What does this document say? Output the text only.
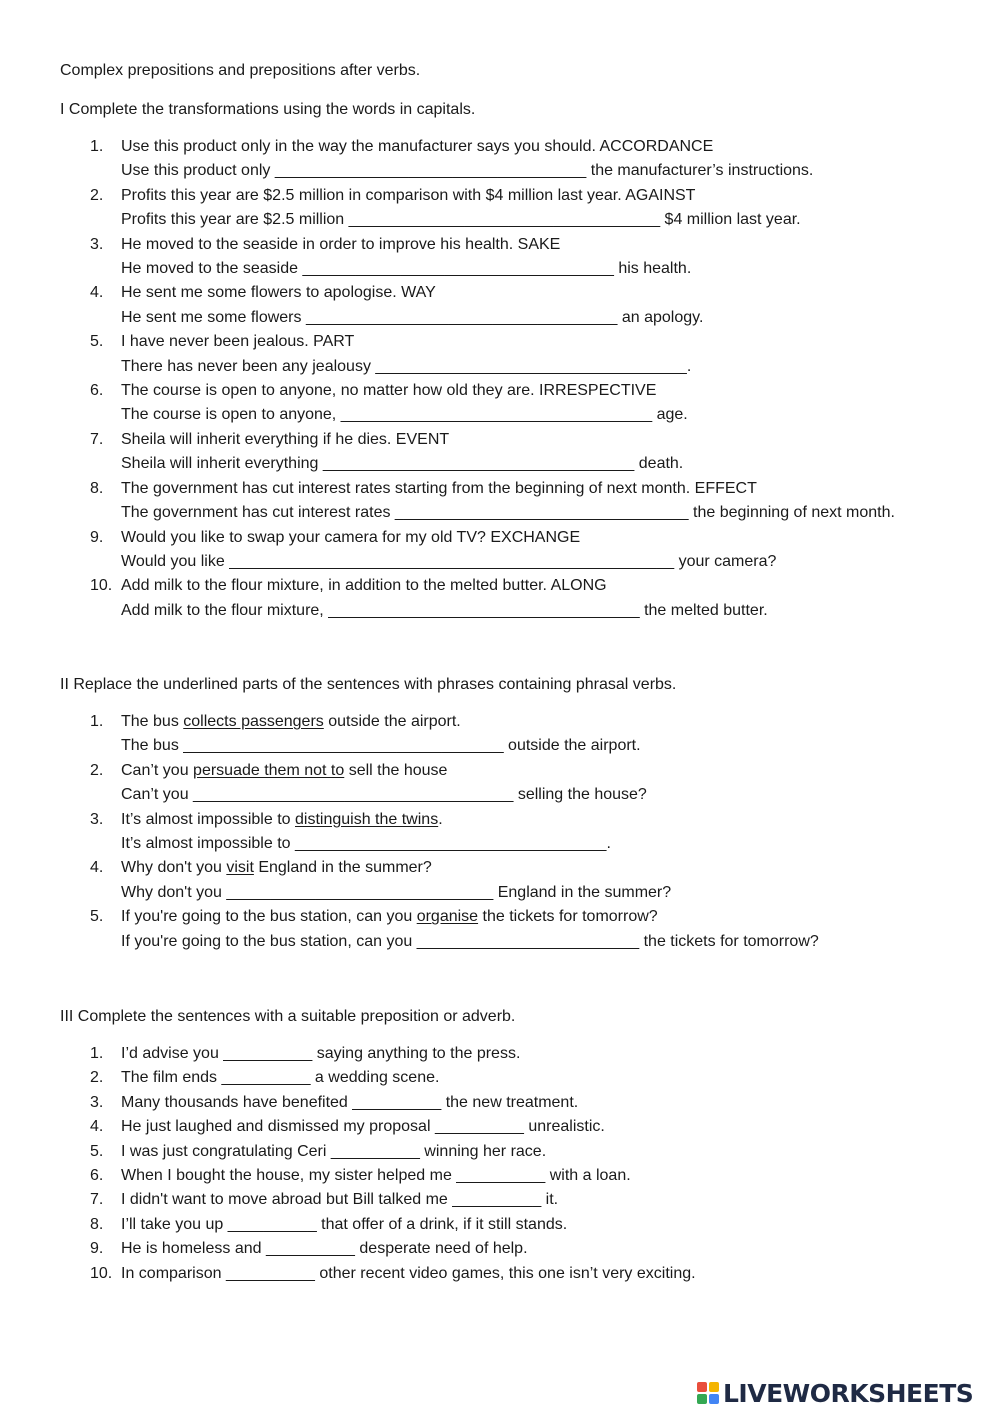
Complex prepositions and prepositions after verbs.

I Complete the transformations using the words in capitals.

1. Use this product only in the way the manufacturer says you should. ACCORDANCE
Use this product only ___________________________________ the manufacturer’s instructions.
2. Profits this year are $2.5 million in comparison with $4 million last year. AGAINST
Profits this year are $2.5 million ___________________________________ $4 million last year.
3. He moved to the seaside in order to improve his health. SAKE
He moved to the seaside ___________________________________ his health.
4. He sent me some flowers to apologise. WAY
He sent me some flowers ___________________________________ an apology.
5. I have never been jealous. PART
There has never been any jealousy ___________________________________.
6. The course is open to anyone, no matter how old they are. IRRESPECTIVE
The course is open to anyone, ___________________________________ age.
7. Sheila will inherit everything if he dies. EVENT
Sheila will inherit everything ___________________________________ death.
8. The government has cut interest rates starting from the beginning of next month. EFFECT
The government has cut interest rates _________________________________ the beginning of next month.
9. Would you like to swap your camera for my old TV? EXCHANGE
Would you like __________________________________________________ your camera?
10. Add milk to the flour mixture, in addition to the melted butter. ALONG
Add milk to the flour mixture, ___________________________________ the melted butter.

II Replace the underlined parts of the sentences with phrases containing phrasal verbs.

1. The bus collects passengers outside the airport.
The bus ____________________________________ outside the airport.
2. Can’t you persuade them not to sell the house
Can’t you ____________________________________ selling the house?
3. It’s almost impossible to distinguish the twins.
It’s almost impossible to ___________________________________.
4. Why don't you visit England in the summer?
Why don't you ______________________________ England in the summer?
5. If you're going to the bus station, can you organise the tickets for tomorrow?
If you're going to the bus station, can you _________________________ the tickets for tomorrow?

III Complete the sentences with a suitable preposition or adverb.

1. I’d advise you __________ saying anything to the press.
2. The film ends __________ a wedding scene.
3. Many thousands have benefited __________ the new treatment.
4. He just laughed and dismissed my proposal __________ unrealistic.
5. I was just congratulating Ceri __________ winning her race.
6. When I bought the house, my sister helped me __________ with a loan.
7. I didn't want to move abroad but Bill talked me __________ it.
8. I’ll take you up __________ that offer of a drink, if it still stands.
9. He is homeless and __________ desperate need of help.
10. In comparison __________ other recent video games, this one isn’t very exciting.
LIVEWORKSHEETS
